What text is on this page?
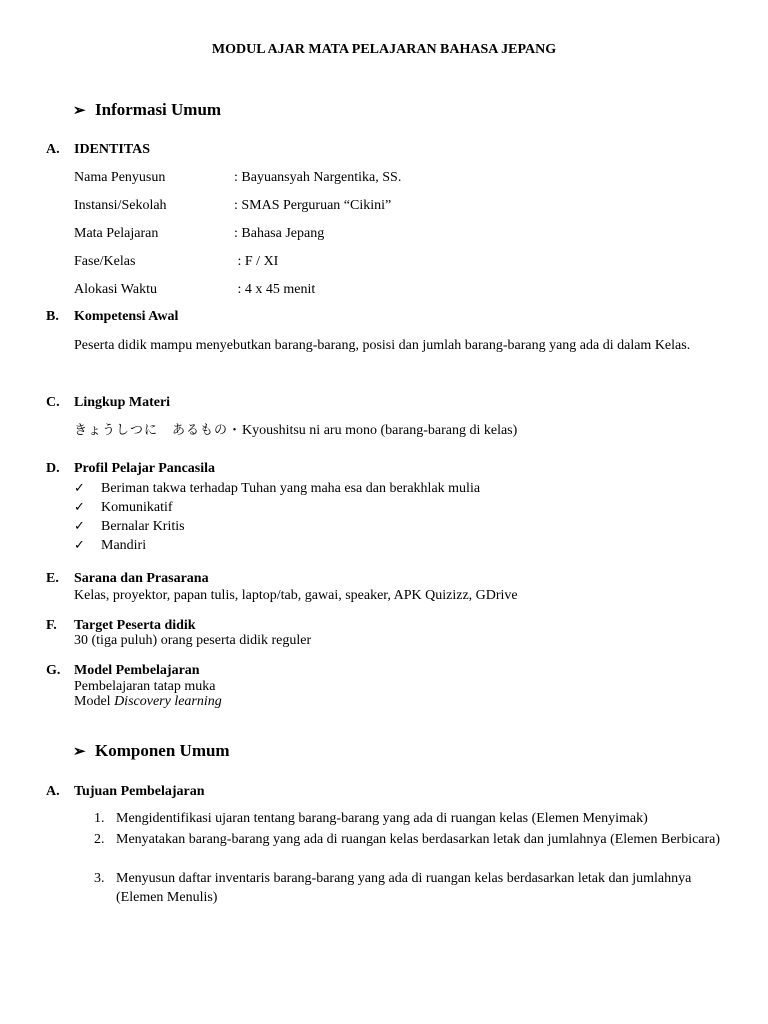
MODUL AJAR MATA PELAJARAN BAHASA JEPANG
➢ Informasi Umum
A. IDENTITAS
Nama Penyusun	: Bayuansyah Nargentika, SS.
Instansi/Sekolah	: SMAS Perguruan “Cikini”
Mata Pelajaran	: Bahasa Jepang
Fase/Kelas	: F / XI
Alokasi Waktu	: 4 x 45 menit
B. Kompetensi Awal
Peserta didik mampu menyebutkan barang-barang, posisi dan jumlah barang-barang yang ada di dalam Kelas.
C. Lingkup Materi
きょうしつに　あるもの・Kyoushitsu ni aru mono (barang-barang di kelas)
D. Profil Pelajar Pancasila
✓ Beriman takwa terhadap Tuhan yang maha esa dan berakhlak mulia
✓ Komunikatif
✓ Bernalar Kritis
✓ Mandiri
E. Sarana dan Prasarana
Kelas, proyektor, papan tulis, laptop/tab, gawai, speaker, APK Quizizz, GDrive
F. Target Peserta didik
30 (tiga puluh) orang peserta didik reguler
G. Model Pembelajaran
Pembelajaran tatap muka
Model Discovery learning
➢ Komponen Umum
A. Tujuan Pembelajaran
1. Mengidentifikasi ujaran tentang barang-barang yang ada di ruangan kelas (Elemen Menyimak)
2. Menyatakan barang-barang yang ada di ruangan kelas berdasarkan letak dan jumlahnya (Elemen Berbicara)
3. Menyusun daftar inventaris barang-barang yang ada di ruangan kelas berdasarkan letak dan jumlahnya (Elemen Menulis)
